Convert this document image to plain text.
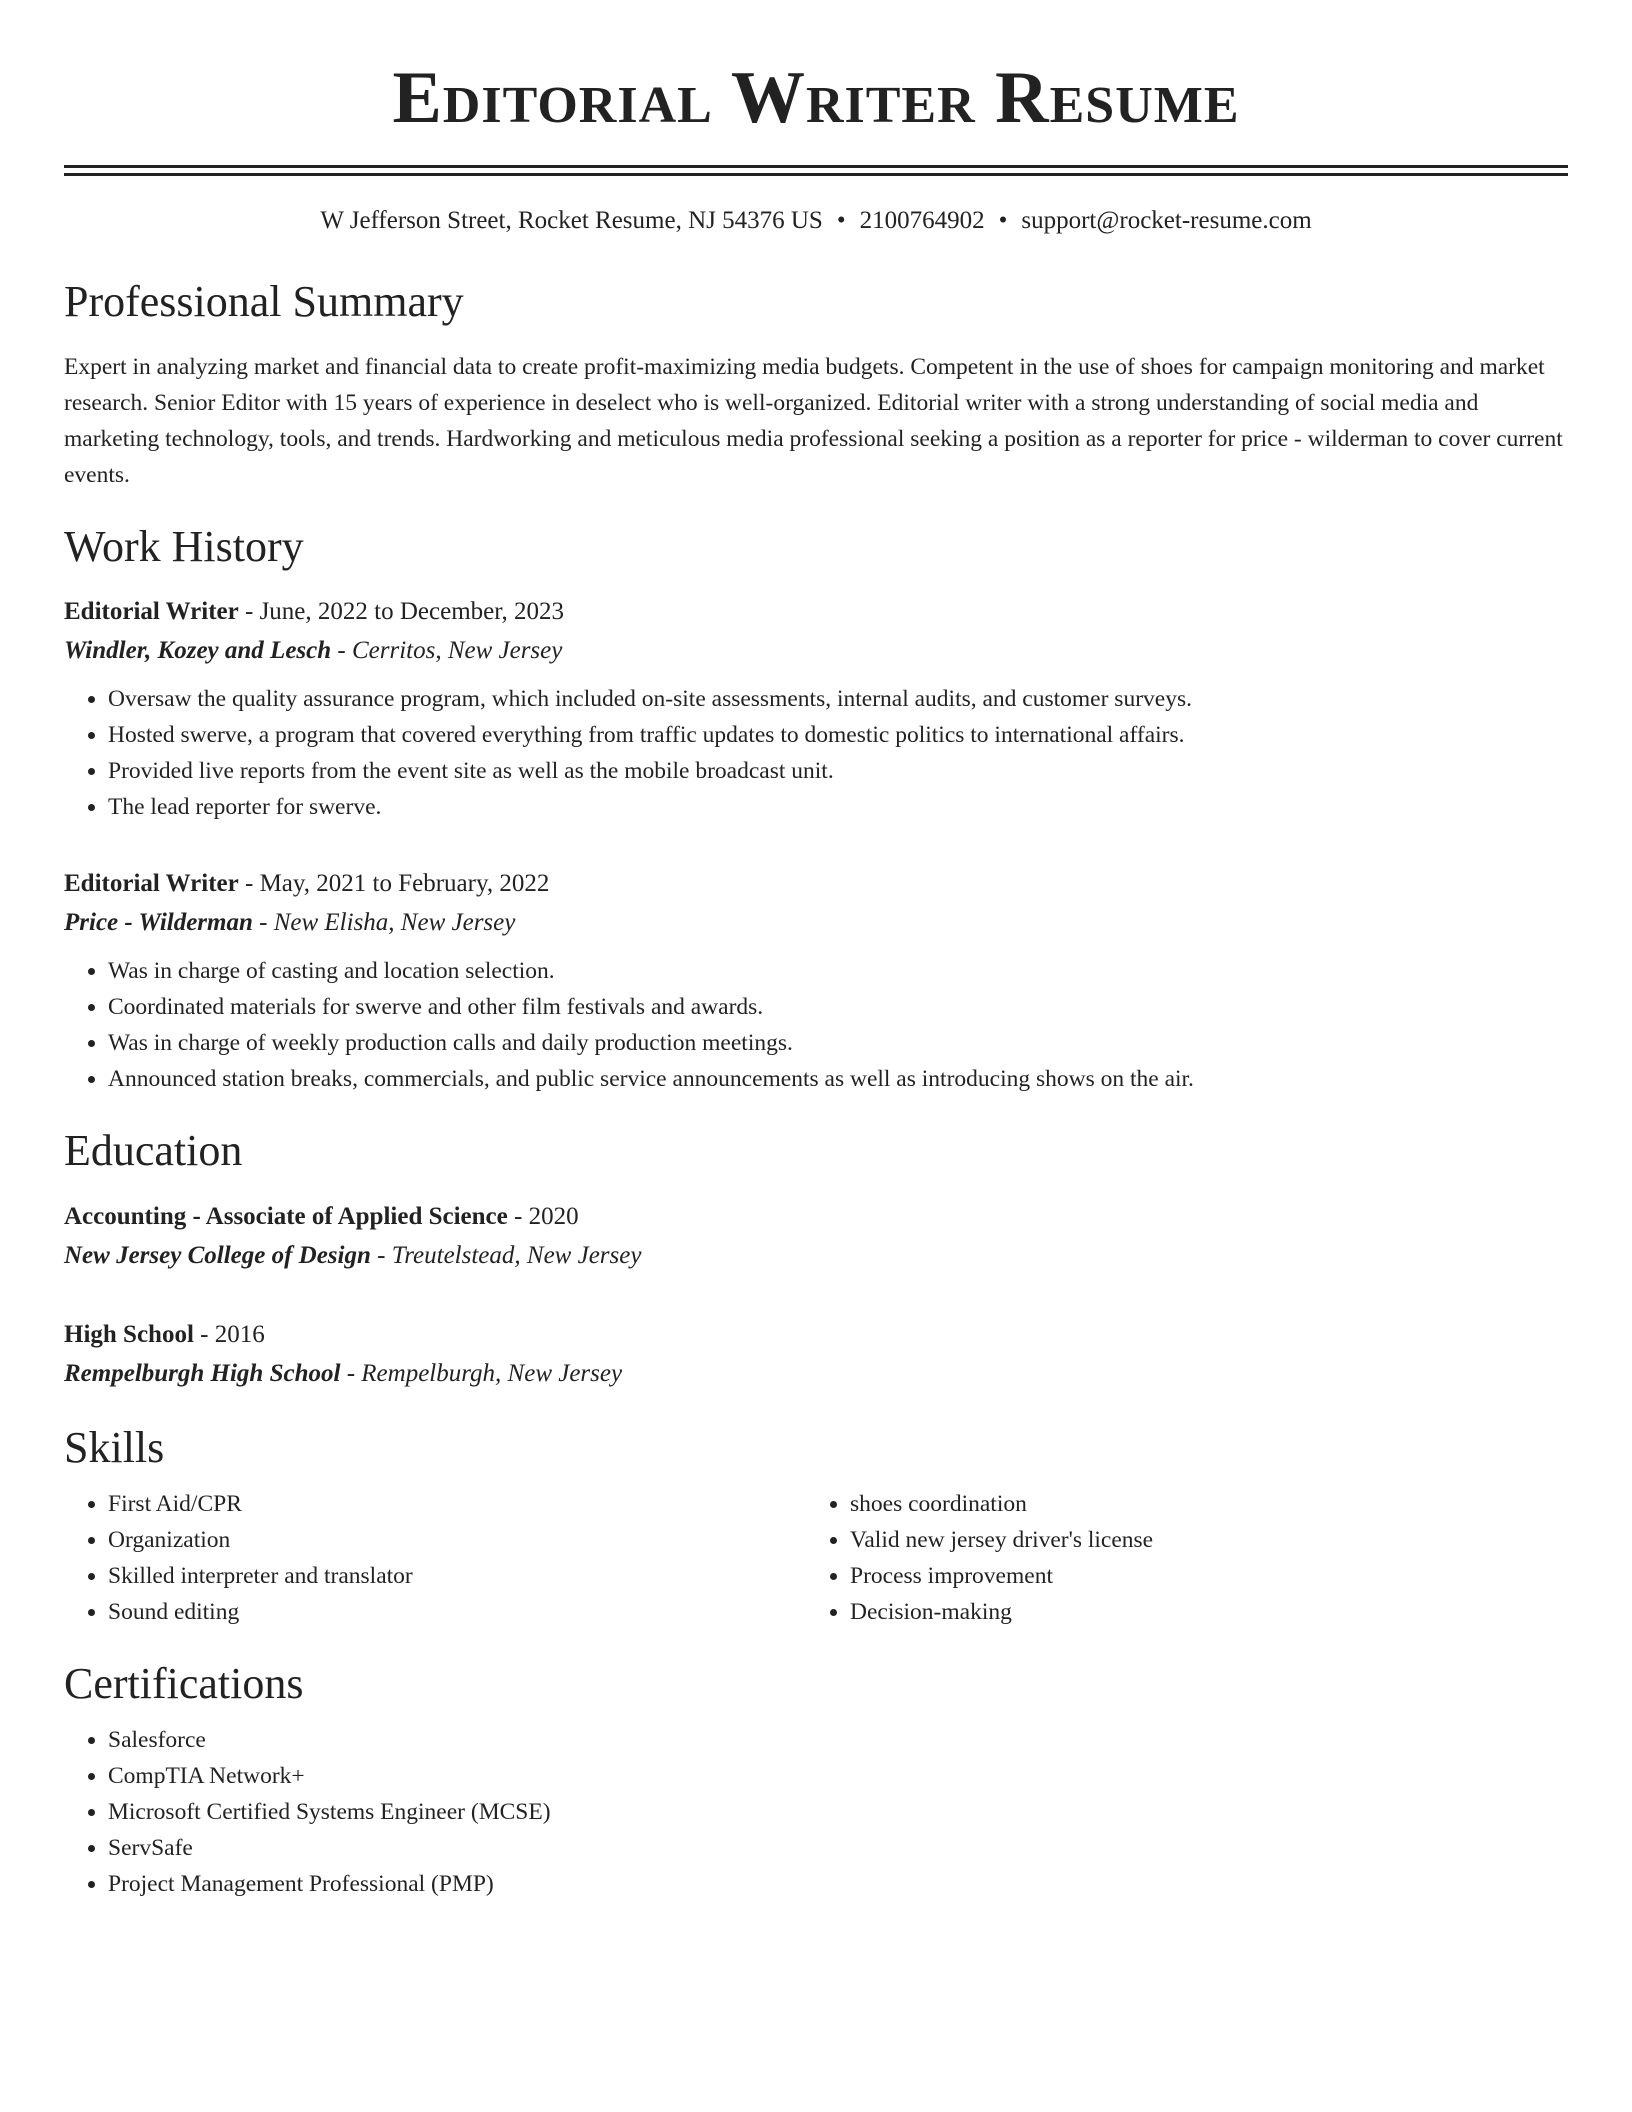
Editorial Writer Resume
W Jefferson Street, Rocket Resume, NJ 54376 US • 2100764902 • support@rocket-resume.com
Professional Summary

Expert in analyzing market and financial data to create profit-maximizing media budgets. Competent in the use of shoes for campaign monitoring and market research. Senior Editor with 15 years of experience in deselect who is well-organized. Editorial writer with a strong understanding of social media and marketing technology, tools, and trends. Hardworking and meticulous media professional seeking a position as a reporter for price - wilderman to cover current events.

Work History
Editorial Writer - June, 2022 to December, 2023
Windler, Kozey and Lesch - Cerritos, New Jersey
• Oversaw the quality assurance program, which included on-site assessments, internal audits, and customer surveys.
• Hosted swerve, a program that covered everything from traffic updates to domestic politics to international affairs.
• Provided live reports from the event site as well as the mobile broadcast unit.
• The lead reporter for swerve.
Editorial Writer - May, 2021 to February, 2022
Price - Wilderman - New Elisha, New Jersey
• Was in charge of casting and location selection.
• Coordinated materials for swerve and other film festivals and awards.
• Was in charge of weekly production calls and daily production meetings.
• Announced station breaks, commercials, and public service announcements as well as introducing shows on the air.
Education
Accounting - Associate of Applied Science - 2020
New Jersey College of Design - Treutelstead, New Jersey
High School - 2016
Rempelburgh High School - Rempelburgh, New Jersey
Skills
• First Aid/CPR
• Organization
• Skilled interpreter and translator
• Sound editing
• shoes coordination
• Valid new jersey driver's license
• Process improvement
• Decision-making
Certifications
• Salesforce
• CompTIA Network+
• Microsoft Certified Systems Engineer (MCSE)
• ServSafe
• Project Management Professional (PMP)
